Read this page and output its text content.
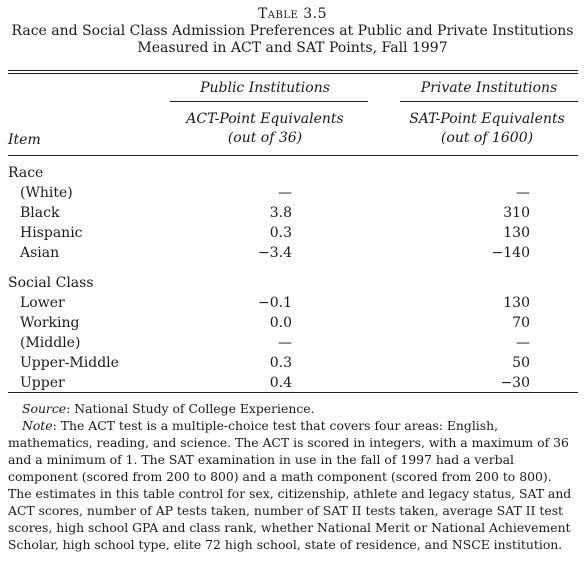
Table 3.5
Race and Social Class Admission Preferences at Public and Private Institutions
Measured in ACT and SAT Points, Fall 1997
Public Institutions	Private Institutions
ACT-Point Equivalents
(out of 36)
SAT-Point Equivalents
(out of 1600)
Item
Race				
(White)	—		—	
Black	3.8		310	
Hispanic	0.3		130	
Asian	−3.4		−140	

Social Class				
Lower	−0.1		130	
Working	0.0		70	
(Middle)	—		—	
Upper-Middle	0.3		50	
Upper	0.4		−30	

Source: National Study of College Experience.

Note: The ACT test is a multiple-choice test that covers four areas: English, mathematics, reading, and science. The ACT is scored in integers, with a maximum of 36 and a minimum of 1. The SAT examination in use in the fall of 1997 had a verbal component (scored from 200 to 800) and a math component (scored from 200 to 800). The estimates in this table control for sex, citizenship, athlete and legacy status, SAT and ACT scores, number of AP tests taken, number of SAT II tests taken, average SAT II test scores, high school GPA and class rank, whether National Merit or National Achievement Scholar, high school type, elite 72 high school, state of residence, and NSCE institution.
